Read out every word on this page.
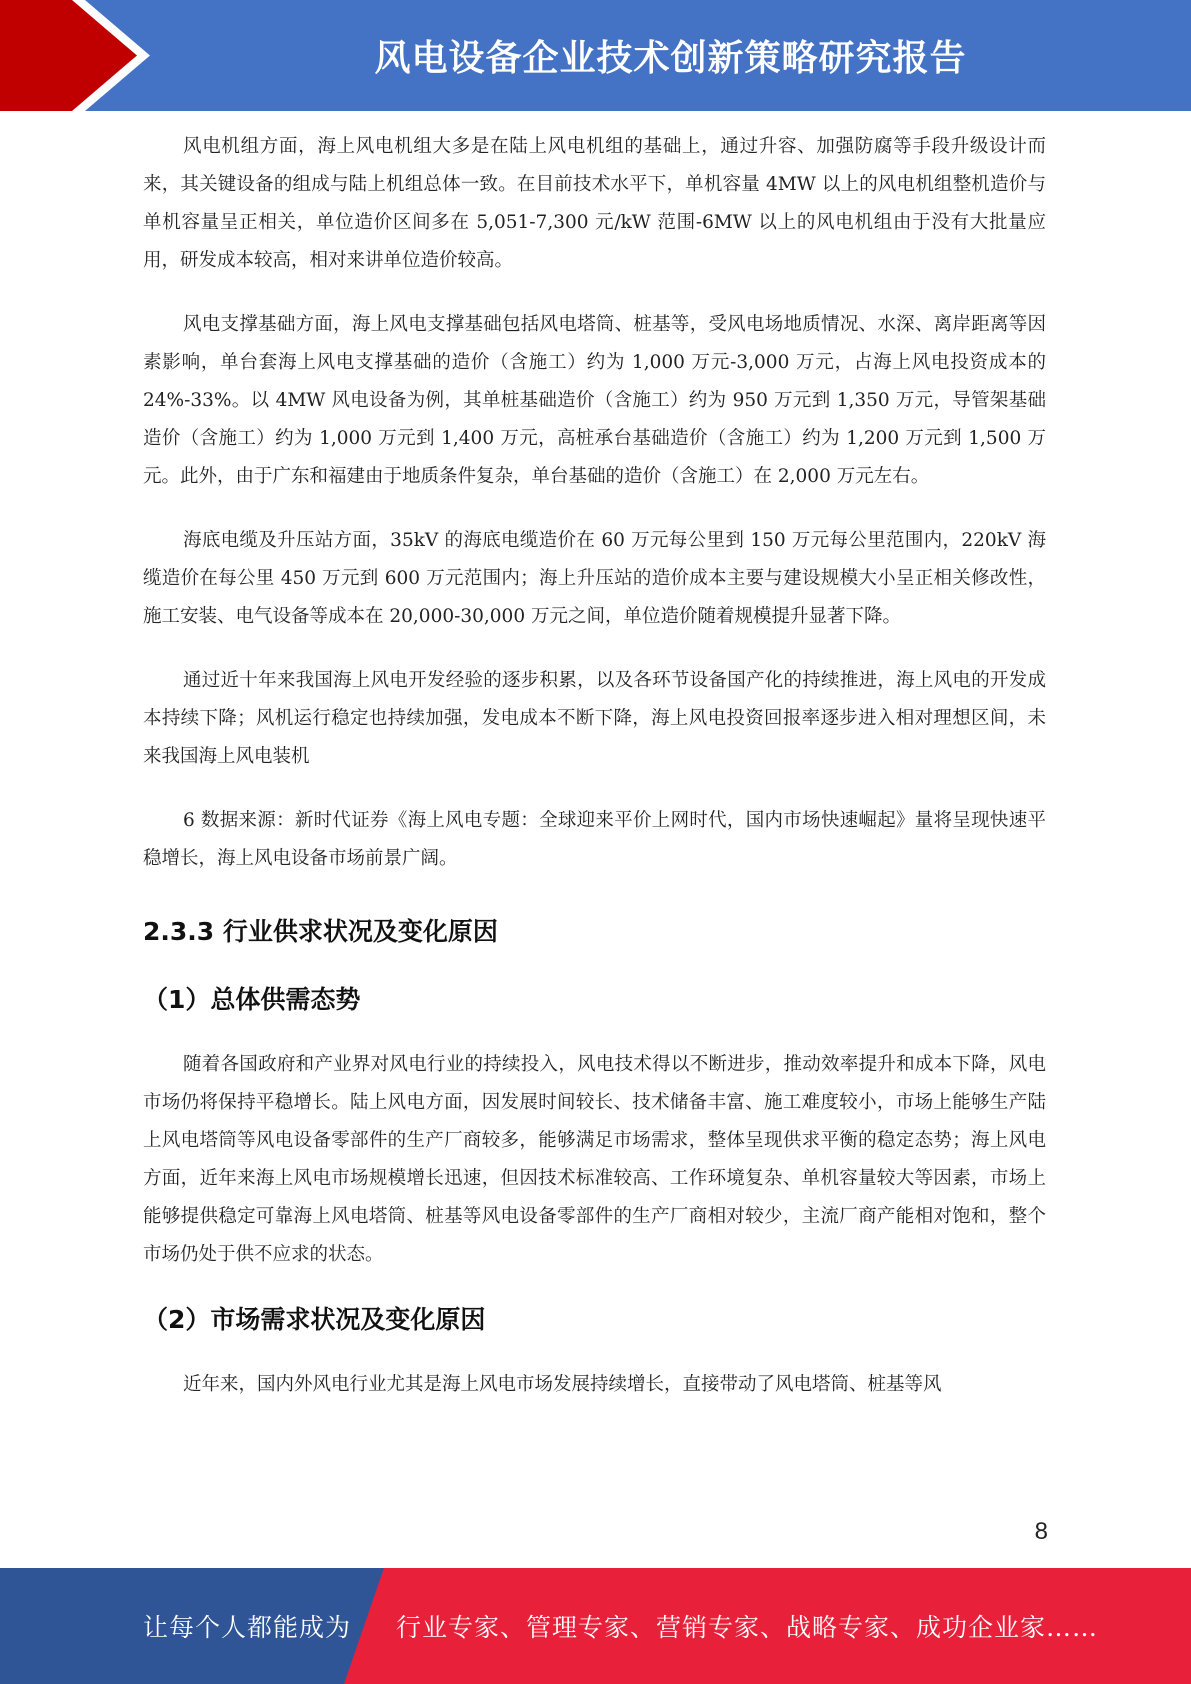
风电设备企业技术创新策略研究报告

风电机组方面，海上风电机组大多是在陆上风电机组的基础上，通过升容、加强防腐等手段升级设计而来，其关键设备的组成与陆上机组总体一致。在目前技术水平下，单机容量 4MW 以上的风电机组整机造价与单机容量呈正相关，单位造价区间多在 5,051-7,300 元/kW 范围-6MW 以上的风电机组由于没有大批量应用，研发成本较高，相对来讲单位造价较高。

风电支撑基础方面，海上风电支撑基础包括风电塔筒、桩基等，受风电场地质情况、水深、离岸距离等因素影响，单台套海上风电支撑基础的造价（含施工）约为 1,000 万元-3,000 万元，占海上风电投资成本的 24%-33%。以 4MW 风电设备为例，其单桩基础造价（含施工）约为 950 万元到 1,350 万元，导管架基础造价（含施工）约为 1,000 万元到 1,400 万元，高桩承台基础造价（含施工）约为 1,200 万元到 1,500 万元。此外，由于广东和福建由于地质条件复杂，单台基础的造价（含施工）在 2,000 万元左右。

海底电缆及升压站方面，35kV 的海底电缆造价在 60 万元每公里到 150 万元每公里范围内，220kV 海缆造价在每公里 450 万元到 600 万元范围内；海上升压站的造价成本主要与建设规模大小呈正相关修改性，施工安装、电气设备等成本在 20,000-30,000 万元之间，单位造价随着规模提升显著下降。

通过近十年来我国海上风电开发经验的逐步积累，以及各环节设备国产化的持续推进，海上风电的开发成本持续下降；风机运行稳定也持续加强，发电成本不断下降，海上风电投资回报率逐步进入相对理想区间，未来我国海上风电装机

6 数据来源：新时代证券《海上风电专题：全球迎来平价上网时代，国内市场快速崛起》量将呈现快速平稳增长，海上风电设备市场前景广阔。

2.3.3 行业供求状况及变化原因
（1）总体供需态势

随着各国政府和产业界对风电行业的持续投入，风电技术得以不断进步，推动效率提升和成本下降，风电市场仍将保持平稳增长。陆上风电方面，因发展时间较长、技术储备丰富、施工难度较小，市场上能够生产陆上风电塔筒等风电设备零部件的生产厂商较多，能够满足市场需求，整体呈现供求平衡的稳定态势；海上风电方面，近年来海上风电市场规模增长迅速，但因技术标准较高、工作环境复杂、单机容量较大等因素，市场上能够提供稳定可靠海上风电塔筒、桩基等风电设备零部件的生产厂商相对较少，主流厂商产能相对饱和，整个市场仍处于供不应求的状态。

（2）市场需求状况及变化原因

近年来，国内外风电行业尤其是海上风电市场发展持续增长，直接带动了风电塔筒、桩基等风

8
让每个人都能成为 行业专家、管理专家、营销专家、战略专家、成功企业家……
